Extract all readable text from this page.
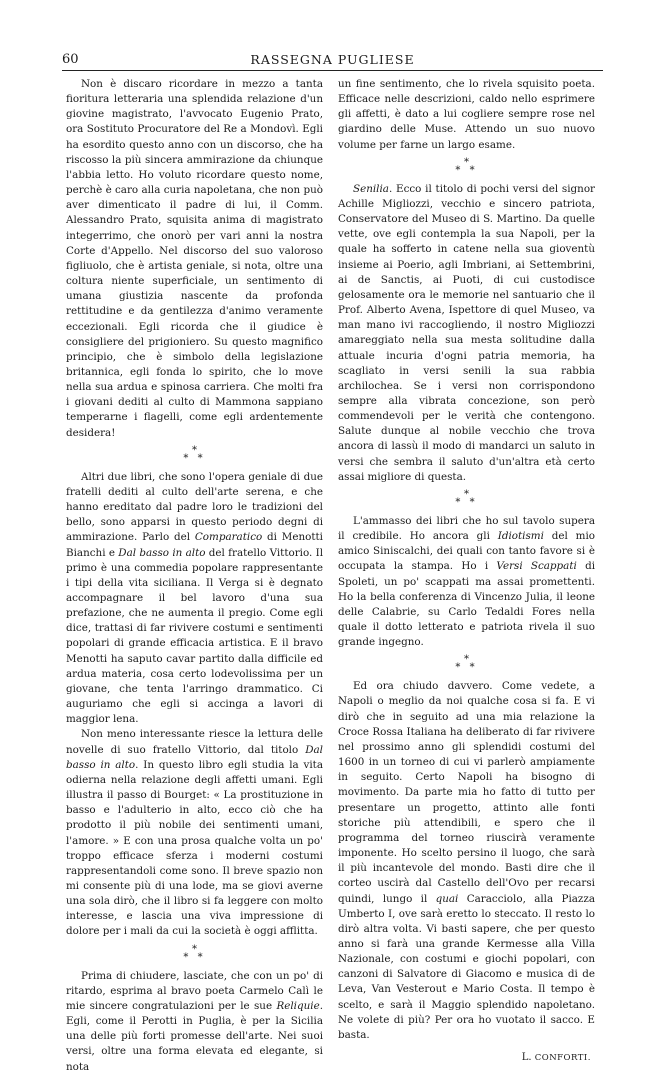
60	RASSEGNA PUGLIESE

Non è discaro ricordare in mezzo a tanta fioritura letteraria una splendida relazione d'un giovine magistrato, l'avvocato Eugenio Prato, ora Sostituto Procuratore del Re a Mondovì. Egli ha esordito questo anno con un discorso, che ha riscosso la più sincera ammirazione da chiunque l'abbia letto. Ho voluto ricordare questo nome, perchè è caro alla curia napoletana, che non può aver dimenticato il padre di lui, il Comm. Alessandro Prato, squisita anima di magistrato integerrimo, che onorò per vari anni la nostra Corte d'Appello. Nel discorso del suo valoroso figliuolo, che è artista geniale, si nota, oltre una coltura niente superficiale, un sentimento di umana giustizia nascente da profonda rettitudine e da gentilezza d'animo veramente eccezionali. Egli ricorda che il giudice è consigliere del prigioniero. Su questo magnifico principio, che è simbolo della legislazione britannica, egli fonda lo spirito, che lo move nella sua ardua e spinosa carriera. Che molti fra i giovani dediti al culto di Mammona sappiano temperarne i flagelli, come egli ardentemente desidera!

*
* *

Altri due libri, che sono l'opera geniale di due fratelli dediti al culto dell'arte serena, e che hanno ereditato dal padre loro le tradizioni del bello, sono apparsi in questo periodo degni di ammirazione. Parlo del Comparatico di Menotti Bianchi e Dal basso in alto del fratello Vittorio. Il primo è una commedia popolare rappresentante i tipi della vita siciliana. Il Verga si è degnato accompagnare il bel lavoro d'una sua prefazione, che ne aumenta il pregio. Come egli dice, trattasi di far rivivere costumi e sentimenti popolari di grande efficacia artistica. E il bravo Menotti ha saputo cavar partito dalla difficile ed ardua materia, cosa certo lodevolissima per un giovane, che tenta l'arringo drammatico. Ci auguriamo che egli si accinga a lavori di maggior lena.

Non meno interessante riesce la lettura delle novelle di suo fratello Vittorio, dal titolo Dal basso in alto. In questo libro egli studia la vita odierna nella relazione degli affetti umani. Egli illustra il passo di Bourget: « La prostituzione in basso e l'adulterio in alto, ecco ciò che ha prodotto il più nobile dei sentimenti umani, l'amore. » E con una prosa qualche volta un po' troppo efficace sferza i moderni costumi rappresentandoli come sono. Il breve spazio non mi consente più di una lode, ma se giovi averne una sola dirò, che il libro si fa leggere con molto interesse, e lascia una viva impressione di dolore per i mali da cui la società è oggi afflitta.

*
* *

Prima di chiudere, lasciate, che con un po' di ritardo, esprima al bravo poeta Carmelo Calì le mie sincere congratulazioni per le sue Reliquie. Egli, come il Perotti in Puglia, è per la Sicilia una delle più forti promesse dell'arte. Nei suoi versi, oltre una forma elevata ed elegante, si nota

un fine sentimento, che lo rivela squisito poeta. Efficace nelle descrizioni, caldo nello esprimere gli affetti, è dato a lui cogliere sempre rose nel giardino delle Muse. Attendo un suo nuovo volume per farne un largo esame.

*
* *

Senilia. Ecco il titolo di pochi versi del signor Achille Migliozzi, vecchio e sincero patriota, Conservatore del Museo di S. Martino. Da quelle vette, ove egli contempla la sua Napoli, per la quale ha sofferto in catene nella sua gioventù insieme ai Poerio, agli Imbriani, ai Settembrini, ai de Sanctis, ai Puoti, di cui custodisce gelosamente ora le memorie nel santuario che il Prof. Alberto Avena, Ispettore di quel Museo, va man mano ivi raccogliendo, il nostro Migliozzi amareggiato nella sua mesta solitudine dalla attuale incuria d'ogni patria memoria, ha scagliato in versi senili la sua rabbia archilochea. Se i versi non corrispondono sempre alla vibrata concezione, son però commendevoli per le verità che contengono. Salute dunque al nobile vecchio che trova ancora di lassù il modo di mandarci un saluto in versi che sembra il saluto d'un'altra età certo assai migliore di questa.

*
* *

L'ammasso dei libri che ho sul tavolo supera il credibile. Ho ancora gli Idiotismi del mio amico Siniscalchi, dei quali con tanto favore si è occupata la stampa. Ho i Versi Scappati di Spoleti, un po' scappati ma assai promettenti. Ho la bella conferenza di Vincenzo Julia, il leone delle Calabrie, su Carlo Tedaldi Fores nella quale il dotto letterato e patriota rivela il suo grande ingegno.

*
* *

Ed ora chiudo davvero. Come vedete, a Napoli o meglio da noi qualche cosa si fa. E vi dirò che in seguito ad una mia relazione la Croce Rossa Italiana ha deliberato di far rivivere nel prossimo anno gli splendidi costumi del 1600 in un torneo di cui vi parlerò ampiamente in seguito. Certo Napoli ha bisogno di movimento. Da parte mia ho fatto di tutto per presentare un progetto, attinto alle fonti storiche più attendibili, e spero che il programma del torneo riuscirà veramente imponente. Ho scelto persino il luogo, che sarà il più incantevole del mondo. Basti dire che il corteo uscirà dal Castello dell'Ovo per recarsi quindi, lungo il quai Caracciolo, alla Piazza Umberto I, ove sarà eretto lo steccato. Il resto lo dirò altra volta. Vi basti sapere, che per questo anno si farà una grande Kermesse alla Villa Nazionale, con costumi e giochi popolari, con canzoni di Salvatore di Giacomo e musica di de Leva, Van Vesterout e Mario Costa. Il tempo è scelto, e sarà il Maggio splendido napoletano. Ne volete di più? Per ora ho vuotato il sacco. E basta.

L. CONFORTI.
